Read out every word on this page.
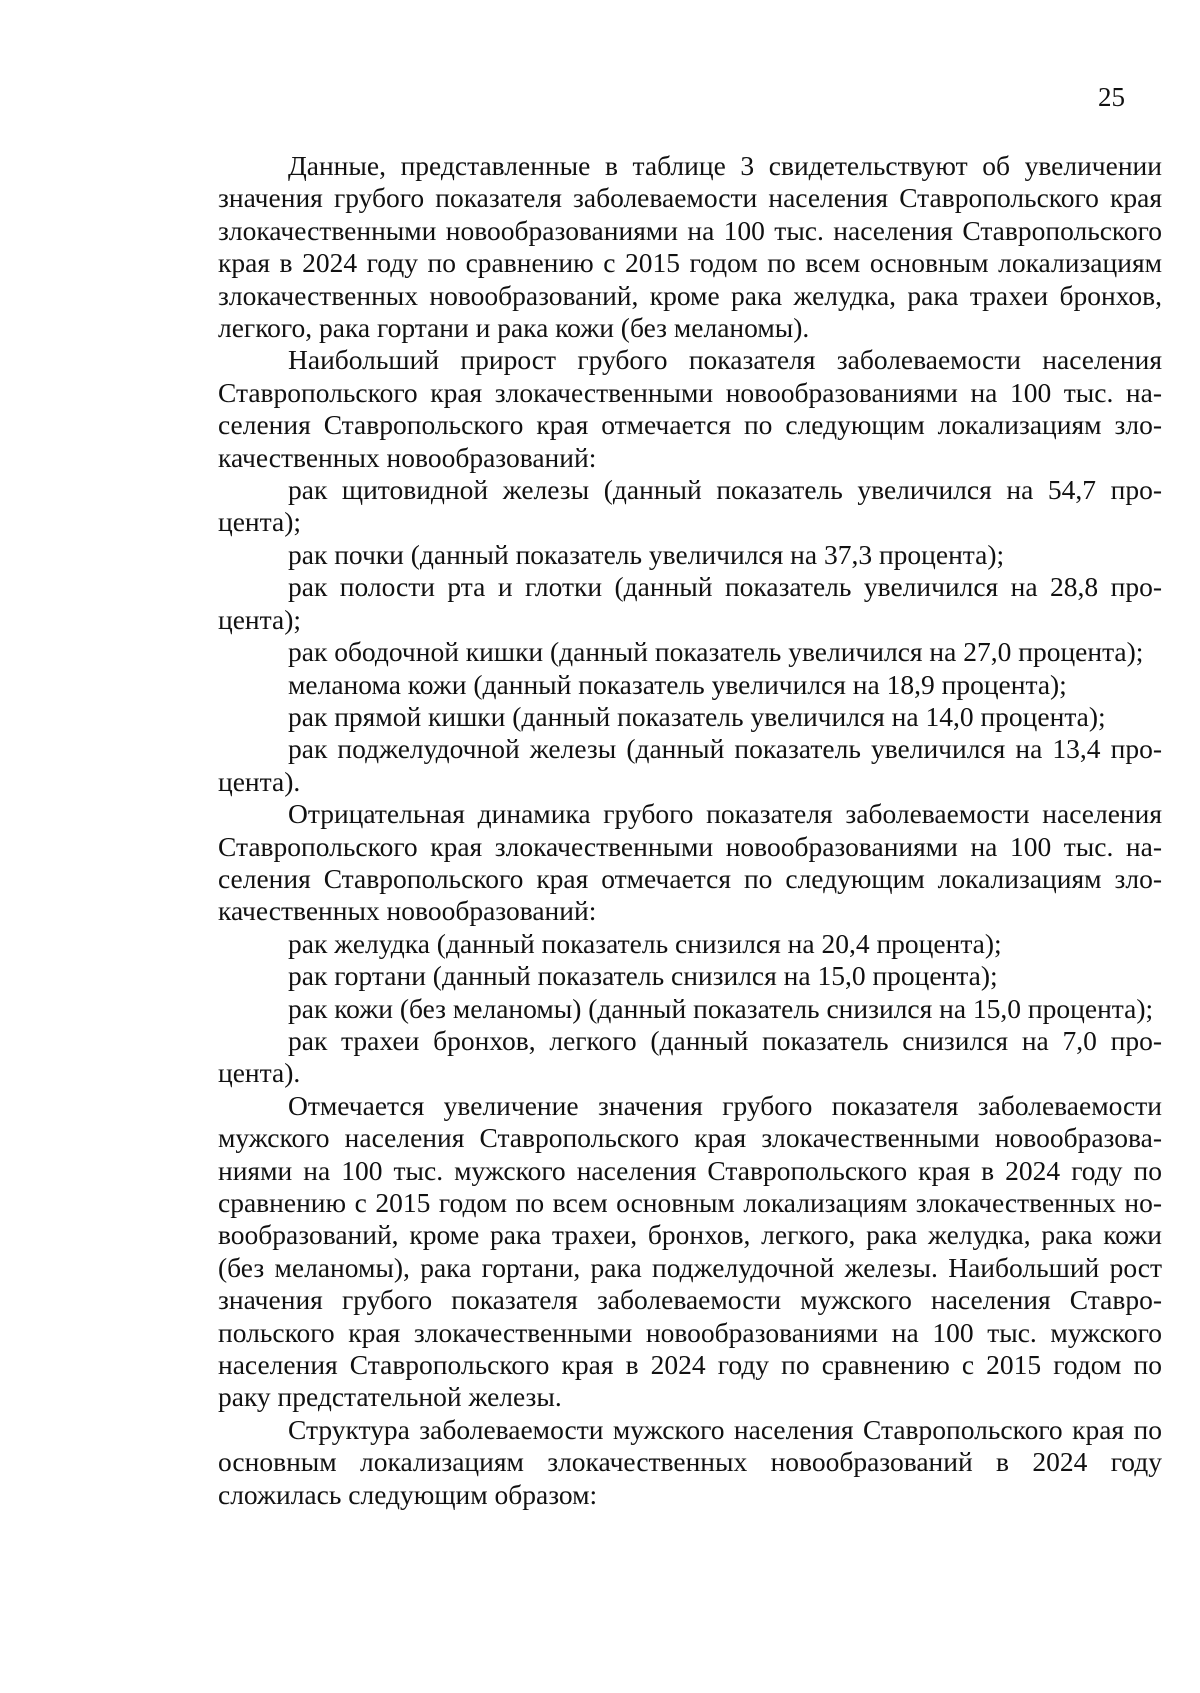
25

Данные, представленные в таблице 3 свидетельствуют об увеличении значения грубого показателя заболеваемости населения Ставропольского края злокачественными новообразованиями на 100 тыс. населения Ставропольского края в 2024 году по сравнению с 2015 годом по всем основным локализациям злокачественных новообразований, кроме рака желудка, рака трахеи бронхов, легкого, рака гортани и рака кожи (без меланомы).

Наибольший прирост грубого показателя заболеваемости населения Ставропольского края злокачественными новообразованиями на 100 тыс. населения Ставропольского края отмечается по следующим локализациям злокачественных новообразований:

рак щитовидной железы (данный показатель увеличился на 54,7 процента);

рак почки (данный показатель увеличился на 37,3 процента);

рак полости рта и глотки (данный показатель увеличился на 28,8 процента);

рак ободочной кишки (данный показатель увеличился на 27,0 процента);

меланома кожи (данный показатель увеличился на 18,9 процента);

рак прямой кишки (данный показатель увеличился на 14,0 процента);

рак поджелудочной железы (данный показатель увеличился на 13,4 процента).

Отрицательная динамика грубого показателя заболеваемости населения Ставропольского края злокачественными новообразованиями на 100 тыс. населения Ставропольского края отмечается по следующим локализациям злокачественных новообразований:

рак желудка (данный показатель снизился на 20,4 процента);

рак гортани (данный показатель снизился на 15,0 процента);

рак кожи (без меланомы) (данный показатель снизился на 15,0 процента);

рак трахеи бронхов, легкого (данный показатель снизился на 7,0 процента).

Отмечается увеличение значения грубого показателя заболеваемости мужского населения Ставропольского края злокачественными новообразованиями на 100 тыс. мужского населения Ставропольского края в 2024 году по сравнению с 2015 годом по всем основным локализациям злокачественных новообразований, кроме рака трахеи, бронхов, легкого, рака желудка, рака кожи (без меланомы), рака гортани, рака поджелудочной железы. Наибольший рост значения грубого показателя заболеваемости мужского населения Ставропольского края злокачественными новообразованиями на 100 тыс. мужского населения Ставропольского края в 2024 году по сравнению с 2015 годом по раку предстательной железы.

Структура заболеваемости мужского населения Ставропольского края по основным локализациям злокачественных новообразований в 2024 году сложилась следующим образом:
